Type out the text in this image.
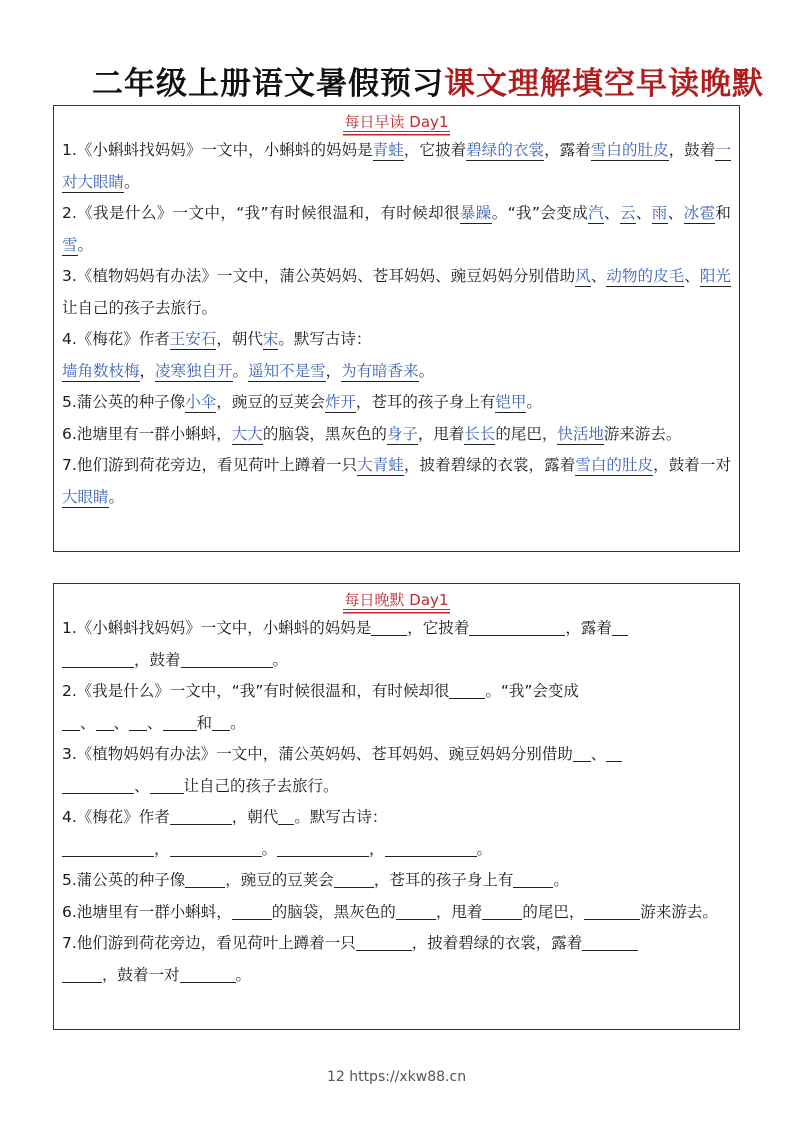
二年级上册语文暑假预习课文理解填空早读晚默
每日早读 Day1
1.《小蝌蚪找妈妈》一文中，小蝌蚪的妈妈是青蛙，它披着碧绿的衣裳，露着雪白的肚皮，鼓着一对大眼睛。
2.《我是什么》一文中，“我”有时候很温和，有时候却很暴躁。“我”会变成汽、云、雨、冰雹和雪。
3.《植物妈妈有办法》一文中，蒲公英妈妈、苍耳妈妈、豌豆妈妈分别借助风、动物的皮毛、阳光让自己的孩子去旅行。
4.《梅花》作者王安石，朝代宋。默写古诗：
墙角数枝梅，凌寒独自开。遥知不是雪，为有暗香来。
5.蒲公英的种子像小伞，豌豆的豆荚会炸开，苍耳的孩子身上有铠甲。
6.池塘里有一群小蝌蚪，大大的脑袋，黑灰色的身子，甩着长长的尾巴，快活地游来游去。
7.他们游到荷花旁边，看见荷叶上蹲着一只大青蛙，披着碧绿的衣裳，露着雪白的肚皮，鼓着一对大眼睛。
每日晚默 Day1
1.《小蝌蚪找妈妈》一文中，小蝌蚪的妈妈是 ，它披着	，露着
，鼓着	。
2.《我是什么》一文中，“我”有时候很温和，有时候却很 。“我”会变成
、 、 、 和 。
3.《植物妈妈有办法》一文中，蒲公英妈妈、苍耳妈妈、豌豆妈妈分别借助 、
、 让自己的孩子去旅行。
4.《梅花》作者	，朝代 。默写古诗：
，	。	，	。
5.蒲公英的种子像	，豌豆的豆荚会	，苍耳的孩子身上有	。
6.池塘里有一群小蝌蚪，	的脑袋，黑灰色的	，甩着	的尾巴，	游来游去。
7.他们游到荷花旁边，看见荷叶上蹲着一只	，披着碧绿的衣裳，露着
，鼓着一对	。
12 https://xkw88.cn
